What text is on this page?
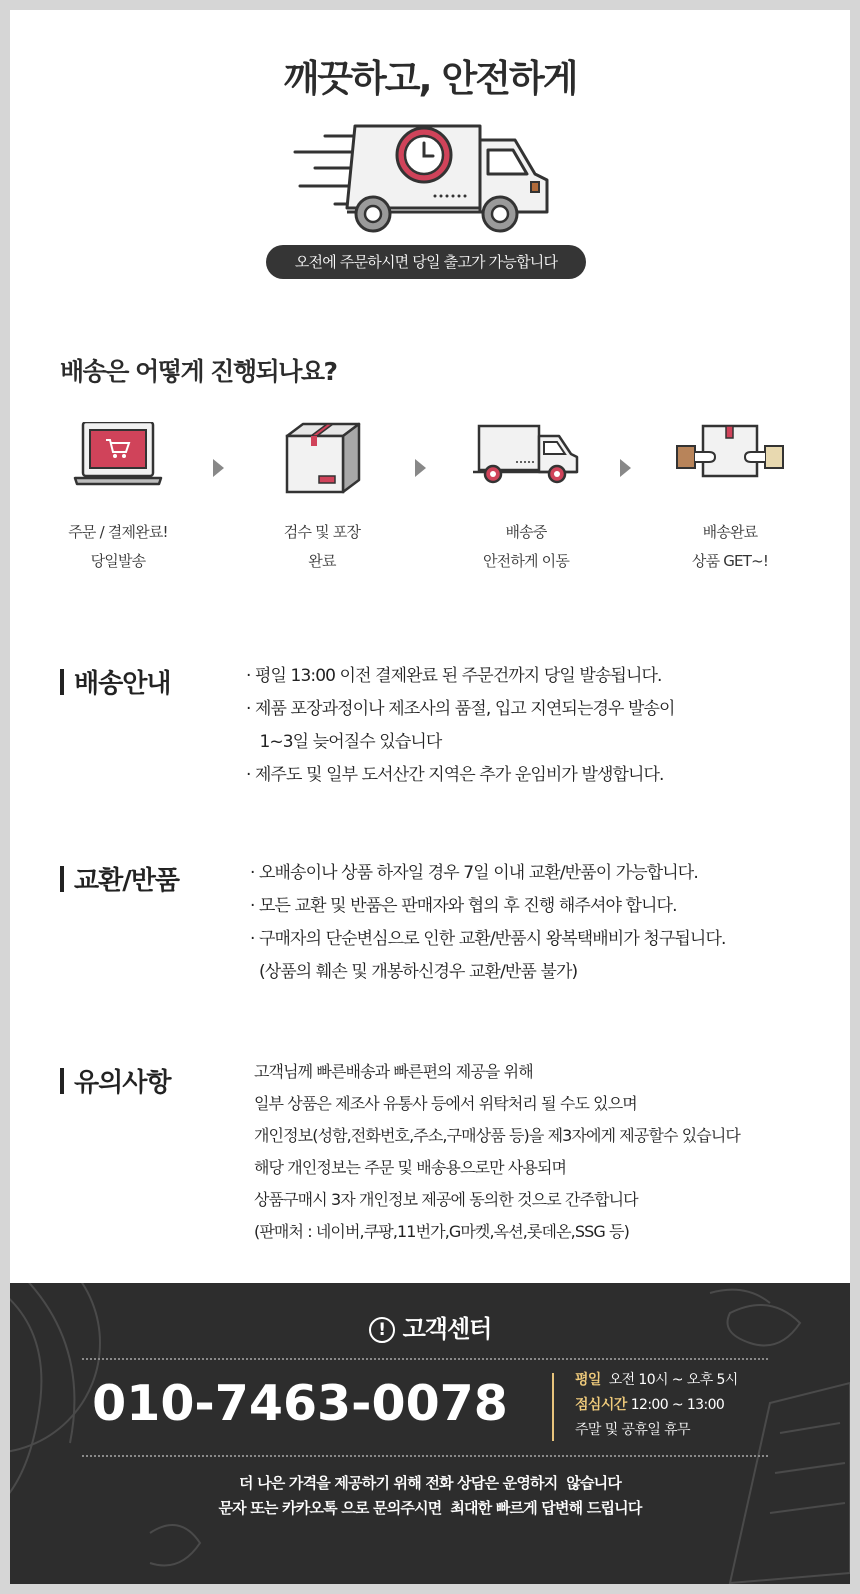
깨끗하고, 안전하게
오전에 주문하시면 당일 출고가 가능합니다
배송은 어떻게 진행되나요?
주문 / 결제완료!
당일발송
검수 및 포장
완료
배송중
안전하게 이동
배송완료
상품 GET~!
배송안내	· 평일 13:00 이전 결제완료 된 주문건까지 당일 발송됩니다.
· 제품 포장과정이나 제조사의 품절, 입고 지연되는경우 발송이
1~3일 늦어질수 있습니다
· 제주도 및 일부 도서산간 지역은 추가 운임비가 발생합니다.
교환/반품	· 오배송이나 상품 하자일 경우 7일 이내 교환/반품이 가능합니다.
· 모든 교환 및 반품은 판매자와 협의 후 진행 해주셔야 합니다.
· 구매자의 단순변심으로 인한 교환/반품시 왕복택배비가 청구됩니다.
(상품의 훼손 및 개봉하신경우 교환/반품 불가)
유의사항	고객님께 빠른배송과 빠른편의 제공을 위해
일부 상품은 제조사 유통사 등에서 위탁처리 될 수도 있으며
개인정보(성함,전화번호,주소,구매상품 등)을 제3자에게 제공할수 있습니다
해당 개인정보는 주문 및 배송용으로만 사용되며
상품구매시 3자 개인정보 제공에 동의한 것으로 간주합니다
(판매처 : 네이버,쿠팡,11번가,G마켓,옥션,롯데온,SSG 등)
! 고객센터
010-7463-0078	평일 오전 10시 ~ 오후 5시
점심시간 12:00 ~ 13:00
주말 및 공휴일 휴무
더 나은 가격을 제공하기 위해 전화 상담은 운영하지  않습니다
문자 또는 카카오톡 으로 문의주시면  최대한 빠르게 답변해 드립니다
